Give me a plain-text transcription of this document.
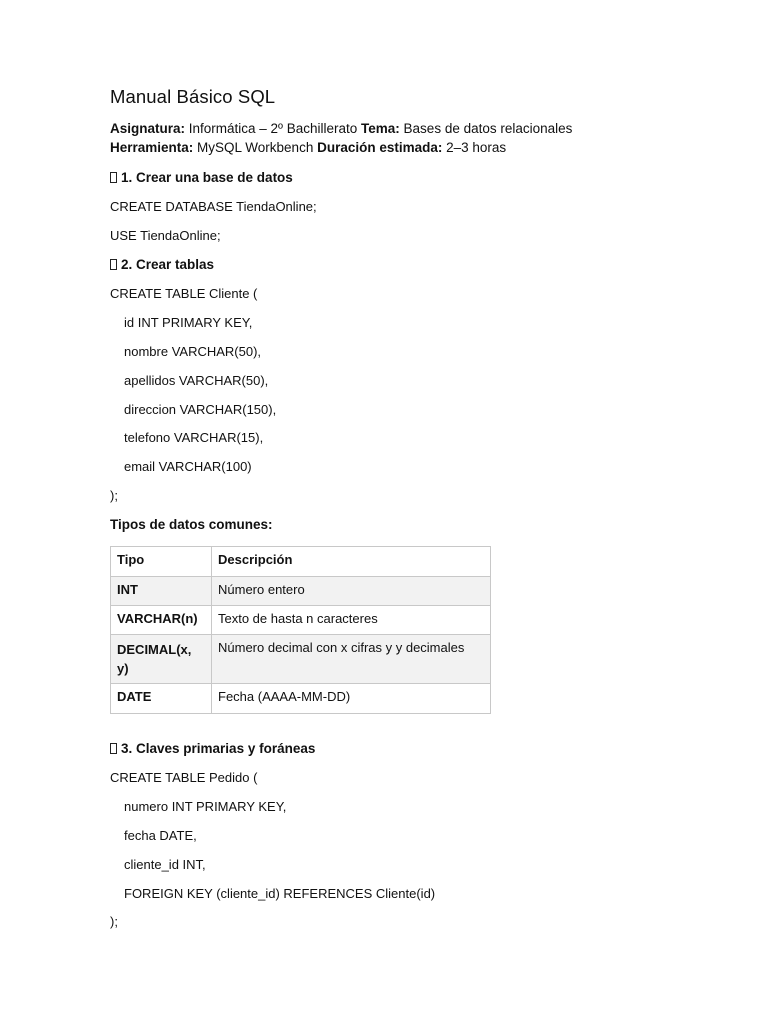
Manual Básico SQL
Asignatura: Informática – 2º Bachillerato Tema: Bases de datos relacionales
Herramienta: MySQL Workbench Duración estimada: 2–3 horas
1. Crear una base de datos
CREATE DATABASE TiendaOnline;
USE TiendaOnline;
2. Crear tablas
CREATE TABLE Cliente (
id INT PRIMARY KEY,
nombre VARCHAR(50),
apellidos VARCHAR(50),
direccion VARCHAR(150),
telefono VARCHAR(15),
email VARCHAR(100)
);
Tipos de datos comunes:
Tipo	Descripción
INT	Número entero
VARCHAR(n)	Texto de hasta n caracteres

DECIMAL(x,y)	Número decimal con x cifras y y decimales
DATE	Fecha (AAAA-MM-DD)
3. Claves primarias y foráneas
CREATE TABLE Pedido (
numero INT PRIMARY KEY,
fecha DATE,
cliente_id INT,
FOREIGN KEY (cliente_id) REFERENCES Cliente(id)
);
